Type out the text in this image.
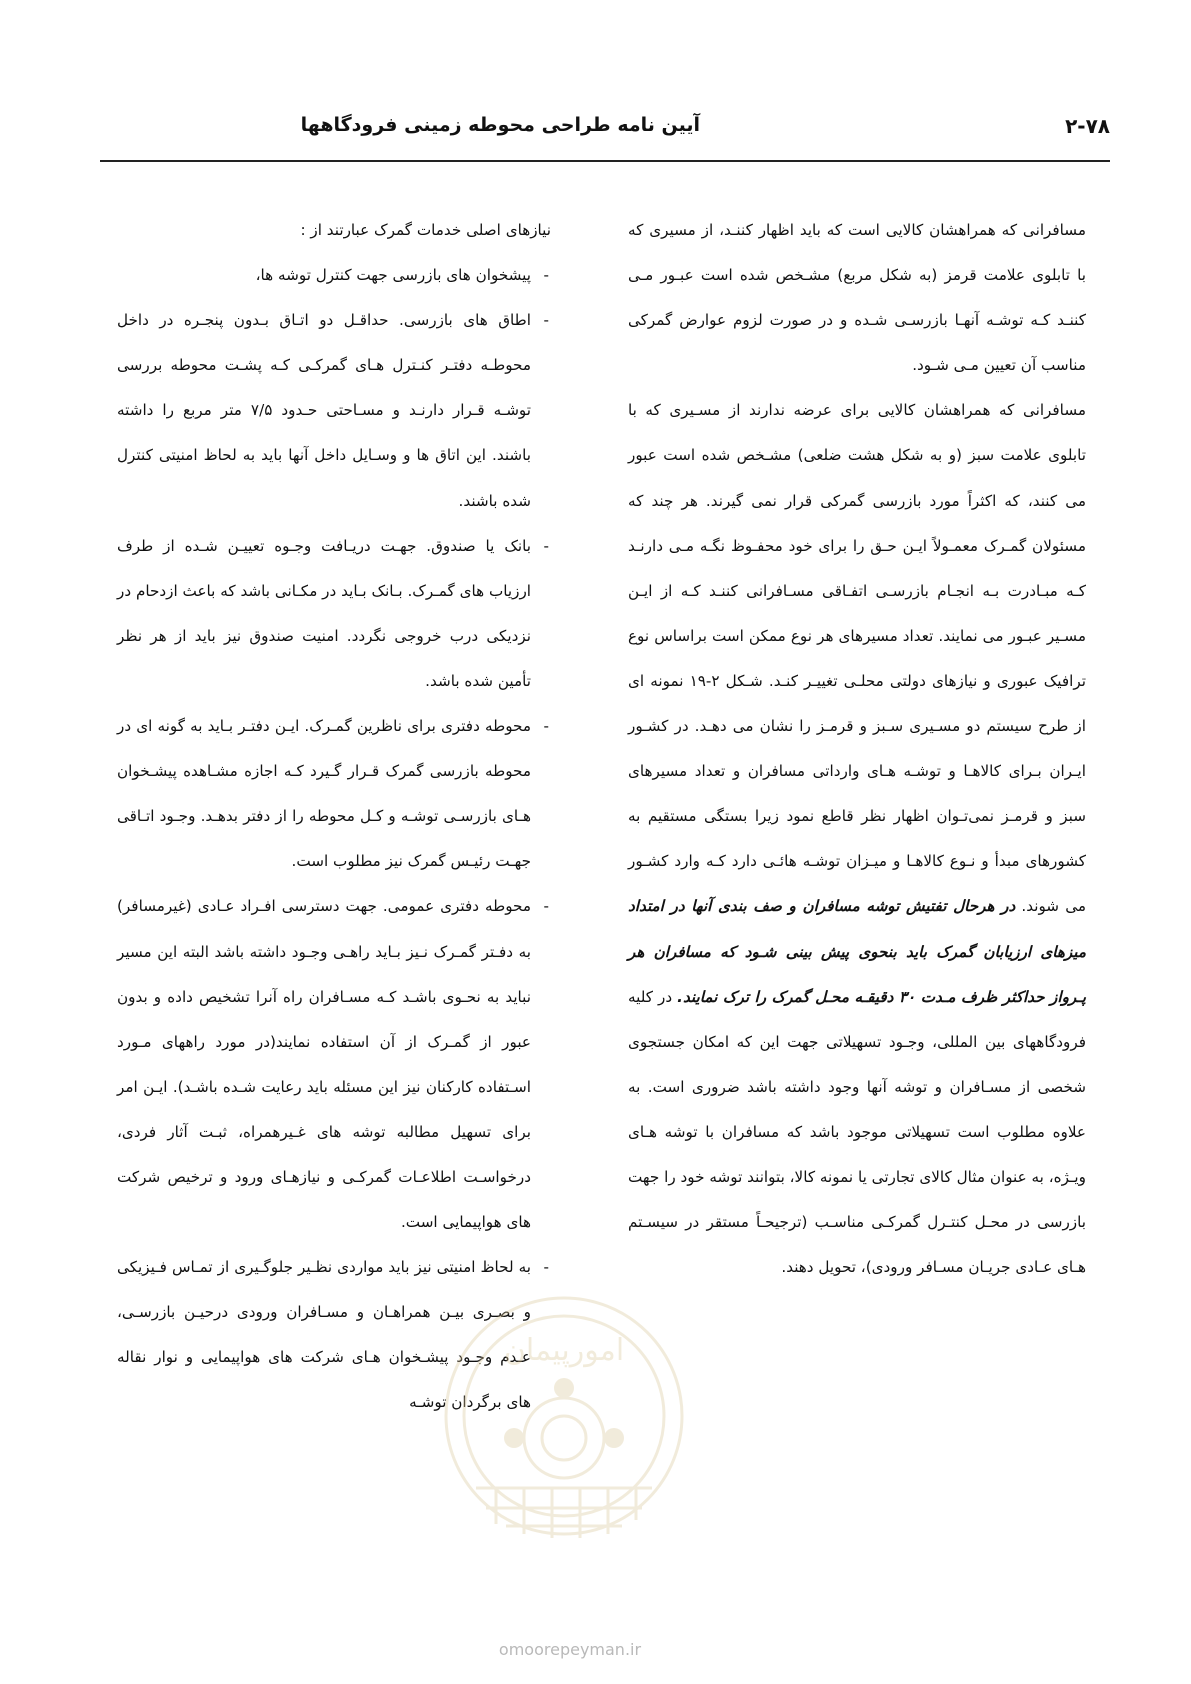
آیین نامه طراحی محوطه زمینی فرودگاهها	۲-۷۸

مسافرانی که همراهشان کالایی است که باید اظهار کننـد، از مسیری که با تابلوی علامت قرمز (به شکل مربع) مشـخص شده است عبـور مـی کننـد کـه توشـه آنهـا بازرسـی شـده و در صورت لزوم عوارض گمرکی مناسب آن تعیین مـی شـود.

مسافرانی که همراهشان کالایی برای عرضه ندارند از مسـیری که با تابلوی علامت سبز (و به شکل هشت ضلعی) مشـخص شده است عبور می کنند، که اکثراً مورد بازرسی گمرکی قرار نمی گیرند. هر چند که مسئولان گمـرک معمـولاً ایـن حـق را برای خود محفـوظ نگـه مـی دارنـد کـه مبـادرت بـه انجـام بازرسـی اتفـاقی مسـافرانی کننـد کـه از ایـن مسـیر عبـور می نمایند. تعداد مسیرهای هر نوع ممکن است براساس نوع ترافیک عبوری و نیازهای دولتی محلـی تغییـر کنـد. شـکل ۲-۱۹ نمونه ای از طرح سیستم دو مسـیری سـبز و قرمـز را نشان می دهـد. در کشـور ایـران بـرای کالاهـا و توشـه هـای وارداتی مسافران و تعداد مسیرهای سبز و قرمـز نمی‌تـوان اظهار نظر قاطع نمود زیرا بستگی مستقیم به کشورهای مبدأ و نـوع کالاهـا و میـزان توشـه هائـی دارد کـه وارد کشـور می شوند. در هرحال تفتیش توشه مسافران و صف بندی آنها در امتداد میزهای ارزیابان گمرک باید بنحوی پیش بینی شـود که مسافران هر پـرواز حداکثر ظرف مـدت ۳۰ دقیقـه محـل گمرک را ترک نمایند. در کلیه فرودگاههای بین المللی، وجـود تسهیلاتی جهت این که امکان جستجوی شخصی از مسـافران و توشه آنها وجود داشته باشد ضروری است. به علاوه مطلوب است تسهیلاتی موجود باشد که مسافران با توشه هـای ویـژه، به عنوان مثال کالای تجارتی یا نمونه کالا، بتوانند توشه خود را جهت بازرسی در محـل کنتـرل گمرکـی مناسـب (ترجیحـاً مستقر در سیسـتم هـای عـادی جریـان مسـافر ورودی)، تحویل دهند.

نیازهای اصلی خدمات گمرک عبارتند از :

- پیشخوان های بازرسی جهت کنترل توشه ها،
- اطاق های بازرسی. حداقـل دو اتـاق بـدون پنجـره در داخل محوطـه دفتـر کنـترل هـای گمرکـی کـه پشـت محوطه بررسی توشـه قـرار دارنـد و مسـاحتی حـدود ۷/۵ متر مربع را داشته باشند. این اتاق ها و وسـایل داخل آنها باید به لحاظ امنیتی کنترل شده باشند.
- بانک یا صندوق. جهـت دریـافت وجـوه تعییـن شـده از طرف ارزیاب های گمـرک. بـانک بـاید در مکـانی باشد که باعث ازدحام در نزدیکی درب خروجی نگردد. امنیت صندوق نیز باید از هر نظر تأمین شده باشد.
- محوطه دفتری برای ناظرین گمـرک. ایـن دفتـر بـاید به گونه ای در محوطه بازرسی گمرک قـرار گـیرد کـه اجازه مشـاهده پیشـخوان هـای بازرسـی توشـه و کـل محوطه را از دفتر بدهـد. وجـود اتـاقی جهـت رئیـس گمرک نیز مطلوب است.
- محوطه دفتری عمومی. جهت دسترسی افـراد عـادی (غیرمسافر) به دفـتر گمـرک نـیز بـاید راهـی وجـود داشته باشد البته این مسیر نباید به نحـوی باشـد کـه مسـافران راه آنرا تشخیص داده و بدون عبور از گمـرک از آن استفاده نمایند(در مورد راههای مـورد اسـتفاده کارکنان نیز این مسئله باید رعایت شـده باشـد). ایـن امر برای تسهیل مطالبه توشه های غـیرهمراه، ثبـت آثار فردی، درخواسـت اطلاعـات گمرکـی و نیازهـای ورود و ترخیص شرکت های هواپیمایی است.
- به لحاظ امنیتی نیز باید مواردی نظـیر جلوگـیری از تمـاس فـیزیکی و بصـری بیـن همراهـان و مسـافران ورودی درحیـن بازرسـی، عـدم وجـود پیشـخوان هـای شرکت های هواپیمایی و نوار نقاله های برگردان توشـه
امورپیمان
omoorepeyman.ir
